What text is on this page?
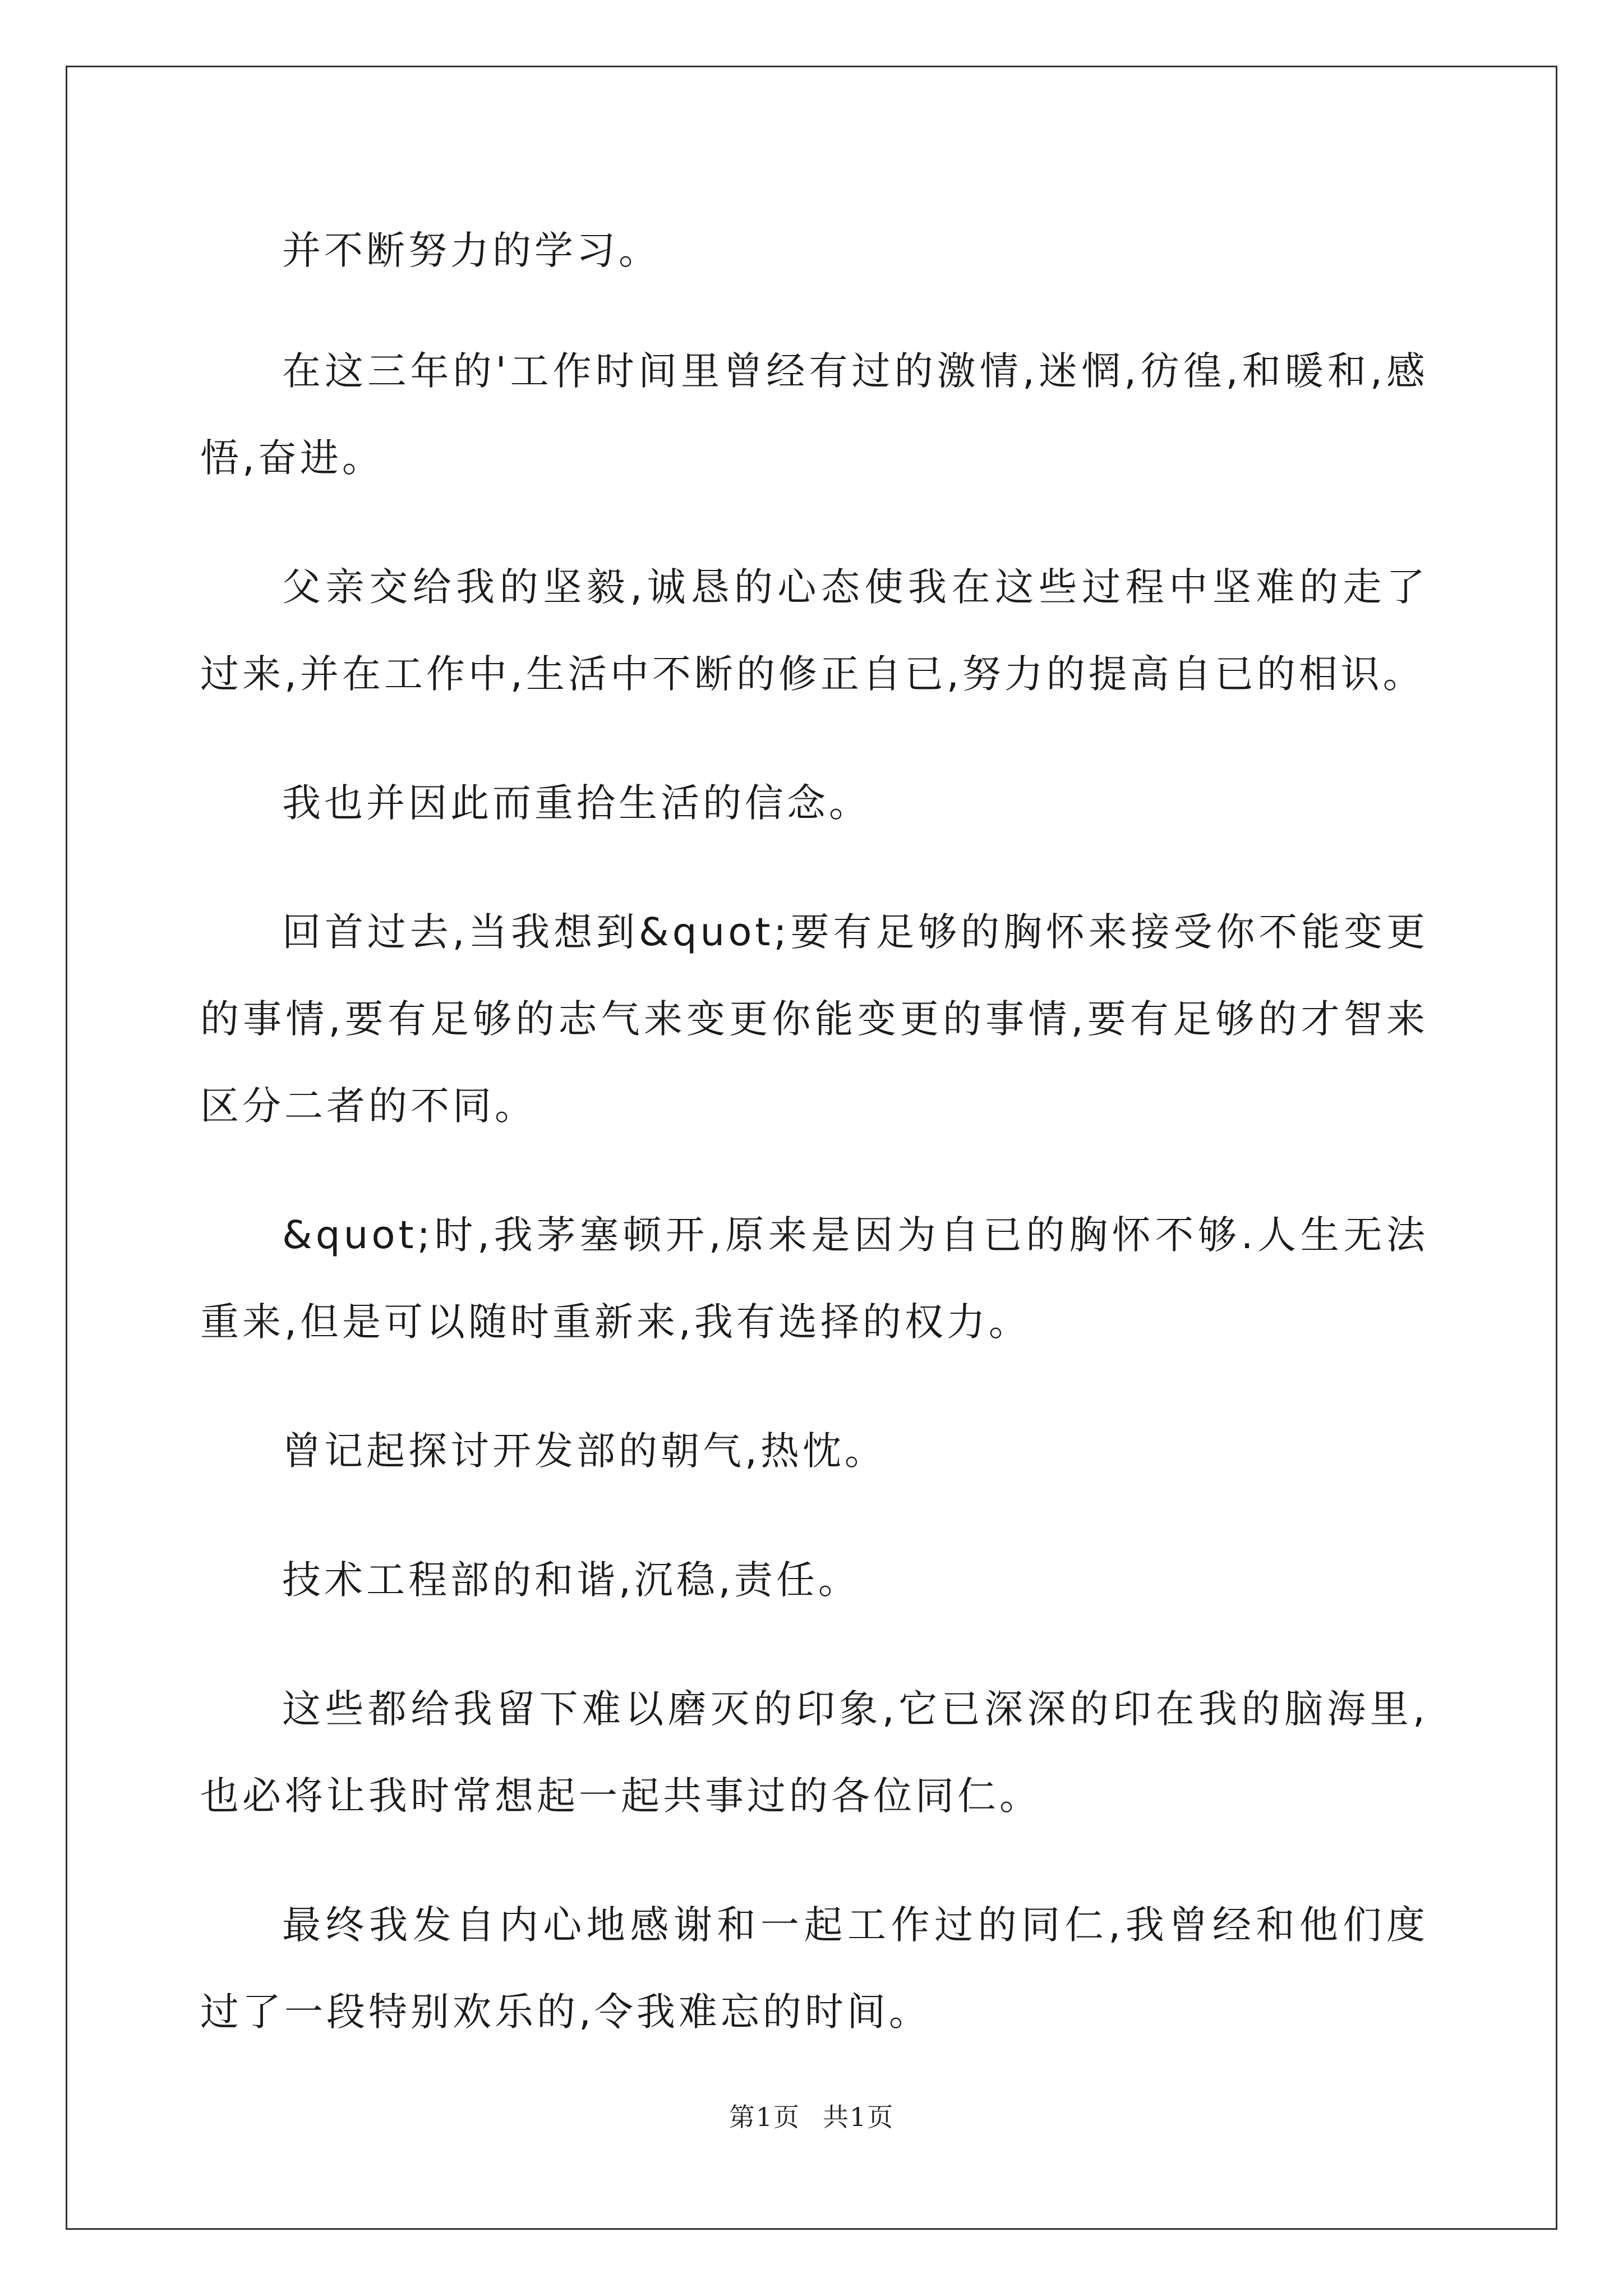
并不断努力的学习。

在这三年的'工作时间里曾经有过的激情,迷惘,彷徨,和暖和,感悟,奋进。

父亲交给我的坚毅,诚恳的心态使我在这些过程中坚难的走了过来,并在工作中,生活中不断的修正自已,努力的提高自已的相识。

我也并因此而重拾生活的信念。

回首过去,当我想到&quot;要有足够的胸怀来接受你不能变更的事情,要有足够的志气来变更你能变更的事情,要有足够的才智来区分二者的不同。

&quot;时,我茅塞顿开,原来是因为自已的胸怀不够.人生无法重来,但是可以随时重新来,我有选择的权力。

曾记起探讨开发部的朝气,热忱。

技术工程部的和谐,沉稳,责任。

这些都给我留下难以磨灭的印象,它已深深的印在我的脑海里,也必将让我时常想起一起共事过的各位同仁。

最终我发自内心地感谢和一起工作过的同仁,我曾经和他们度过了一段特别欢乐的,令我难忘的时间。

第1页 共1页
